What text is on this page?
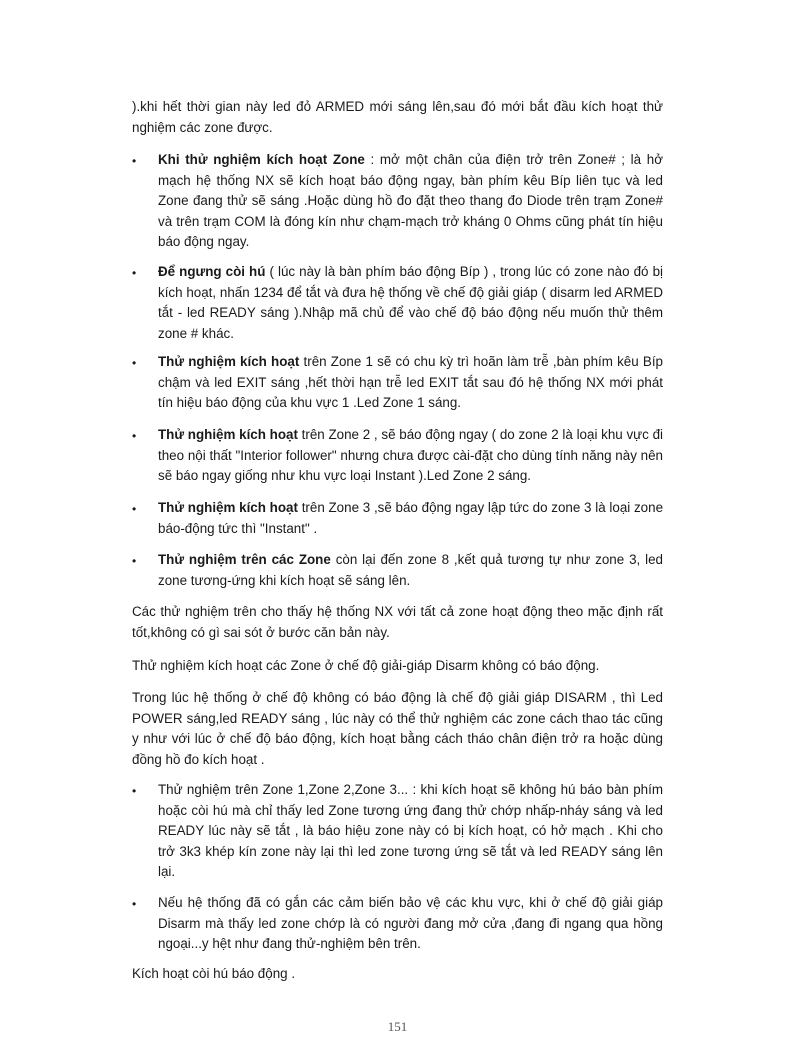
).khi hết thời gian này led đỏ ARMED mới sáng lên,sau đó mới bắt đầu kích hoạt thử nghiệm các zone được.

•	Khi thử nghiệm kích hoạt Zone : mở một chân của điện trở trên Zone# ; là hở mạch hệ thống NX sẽ kích hoạt báo động ngay, bàn phím kêu Bíp liên tục và led Zone đang thử sẽ sáng .Hoặc dùng hồ đo đặt theo thang đo Diode trên trạm Zone# và trên trạm COM là đóng kín như chạm-mạch trở kháng 0 Ohms cũng phát tín hiệu báo động ngay.

•	Để ngưng còi hú ( lúc này là bàn phím báo động Bíp ) , trong lúc có zone nào đó bị kích hoạt, nhấn 1234 để tắt và đưa hệ thống về chế độ giải giáp ( disarm led ARMED tắt - led READY sáng ).Nhập mã chủ để vào chế độ báo động nếu muốn thử thêm zone # khác.

•	Thử nghiệm kích hoạt trên Zone 1 sẽ có chu kỳ trì hoãn làm trễ ,bàn phím kêu Bíp chậm và led EXIT sáng ,hết thời hạn trễ led EXIT tắt sau đó hệ thống NX mới phát tín hiệu báo động của khu vực 1 .Led Zone 1 sáng.

•	Thử nghiệm kích hoạt trên Zone 2 , sẽ báo động ngay ( do zone 2 là loại khu vực đi theo nội thất "Interior follower" nhưng chưa được cài-đặt cho dùng tính năng này nên sẽ báo ngay giống như khu vực loại Instant ).Led Zone 2 sáng.

•	Thử nghiệm kích hoạt trên Zone 3 ,sẽ báo động ngay lập tức do zone 3 là loại zone báo-động tức thì "Instant" .

•	Thử nghiệm trên các Zone còn lại đến zone 8 ,kết quả tương tự như zone 3, led zone tương-ứng khi kích hoạt sẽ sáng lên.

Các thử nghiệm trên cho thấy hệ thống NX với tất cả zone hoạt động theo mặc định rất tốt,không có gì sai sót ở bước căn bản này.

Thử nghiệm kích hoạt các Zone ở chế độ giải-giáp Disarm không có báo động.

Trong lúc hệ thống ở chế độ không có báo động là chế độ giải giáp DISARM , thì Led POWER sáng,led READY sáng , lúc này có thể thử nghiệm các zone cách thao tác cũng y như với lúc ở chế độ báo động, kích hoạt bằng cách tháo chân điện trở ra hoặc dùng đồng hồ đo kích hoạt .

•	Thử nghiệm trên Zone 1,Zone 2,Zone 3... : khi kích hoạt sẽ không hú báo bàn phím hoặc còi hú mà chỉ thấy led Zone tương ứng đang thử chớp nhấp-nháy sáng và led READY lúc này sẽ tắt , là báo hiệu zone này có bị kích hoạt, có hở mạch . Khi cho trở 3k3 khép kín zone này lại thì led zone tương ứng sẽ tắt và led READY sáng lên lại.

•	Nếu hệ thống đã có gắn các cảm biến bảo vệ các khu vực, khi ở chế độ giải giáp Disarm mà thấy led zone chớp là có người đang mở cửa ,đang đi ngang qua hồng ngoại...y hệt như đang thử-nghiệm bên trên.

Kích hoạt còi hú báo động .

151
